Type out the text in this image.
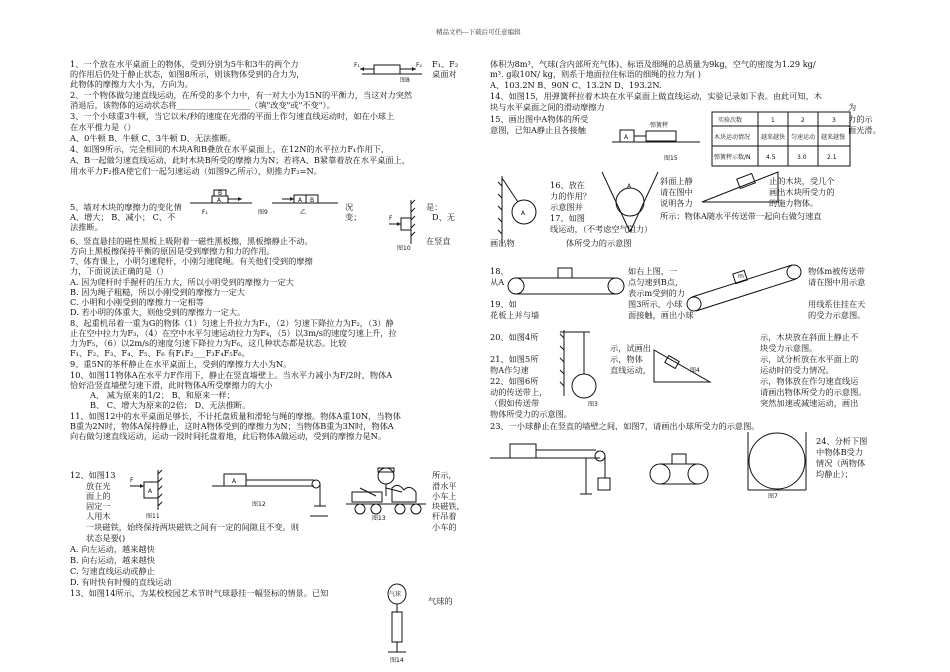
精品文档---下载后可任意编辑
1、一个放在水平桌面上的物体，受到分别为5牛和3牛的两个力
的作用后仍处于静止状态，如图8所示，则该物体受到的合力为，
此物体的摩擦力大小为，方向为。
F₁、F₂
桌面对
F₁	F₂
图8
2、一个物体做匀速直线运动，在所受的多个力中，有一对大小为15N的平衡力，当这对力突然
消退后，该物体的运动状态将__________________（填"改变"或"不变"）。
3、一个小球重3牛顿，当它以米/秒的速度在光滑的平面上作匀速直线运动时，如在小球上
在水平推力是（）
A、0牛顿 B、牛顿 C、3牛顿 D、无法推断。
4、如图9所示，完全相同的木块A和B叠放在水平桌面上，在12N的水平拉力F₁作用下，
A、B一起做匀速直线运动，此时木块B所受的摩擦力为N；若将A、B紧靠着放在水平桌面上，
用水平力F₂推A使它们一起匀速运动（如图9乙所示），则推力F₂=N。
B
A
F₁	图9
A B
乙
5、墙对木块的摩擦力的变化情
A、增大； B、减小； C、不
法推断。
况
变；
是：
D、无
F
图10
6、竖直悬挂的磁性黑板上吸附着一磁性黑板擦，黑板擦静止不动。	在竖直
方向上黑板擦保持平衡的原因是受到摩擦力和力的作用。
7、体育课上，小明匀速爬杆，小刚匀速爬绳。有关他们受到的摩擦
力，下面说法正确的是（）
A. 因为爬杆时手握杆的压力大，所以小明受到的摩擦力一定大
B. 因为绳子粗糙，所以小刚受到的摩擦力一定大
C. 小明和小刚受到的摩擦力一定相等
D. 若小明的体重大，则他受到的摩擦力一定大。
8、起重机吊着一重为G的物体（1）匀速上升拉力为F₁，（2）匀速下降拉力为F₂，（3）静
止在空中拉力为F₃，（4）在空中水平匀速运动拉力为F₄，（5）以3m/s的速度匀速上升，拉
力为F₅，（6）以2m/s的速度匀速下降拉力为F₆，这几种状态都是状态。比较
F₁、F₂、F₃、F₄、F₅、F₆ 有F₁F₂___F₃F₄F₅F₆。
9、重5N的茶杯静止在水平桌面上，受到的摩擦力大小为N。
10、如图11物体A在水平力F作用下，静止在竖直墙壁上。当水平力减小为F/2时，物体A
恰好沿竖直墙壁匀速下滑，此时物体A所受摩擦力的大小
A、 减为原来的1/2； B、和原来一样；
B、 C、增大为原来的2倍； D、无法推断。
11、如图12中的水平桌面足够长，不计托盘质量和滑轮与绳的摩擦。物体A重10N，当物体
B重为2N时，物体A保持静止，这时A物体受到的摩擦力为N；当物体B重为3N时，物体A
向右做匀速直线运动，运动一段时间托盘着地，此后物体A做运动，受到的摩擦力是N。
12、如图13
放在光
面上的
固定一
人用木
所示，
滑水平
小车上
块磁铁,
杆吊着
小车的
一块磁铁，始终保持两块磁铁之间有一定的间隙且不变。则
状态是要()
A. 向左运动，越来越快
B. 向右运动，越来越快
C. 匀速直线运动或静止
D. 有时快有时慢的直线运动
13、如图14所示，为某校校园艺术节时气球悬挂一幅竖标的情景。已知
气球的
A
F
图11
A
图12
图13
气球
图14
体积为8m³，气球(含内部所充气体)、标语及细绳的总质量为9kg，空气的密度为1.29 kg/
m³. g取10N/ kg，则系于地面拉住标语的细绳的拉力为( )
A、103.2N B、90N C、13.2N D、193.2N.
14、如图15，用弹簧秤拉着木块在水平桌面上做直线运动，实验记录如下表。由此可知，木
块与水平桌面之间的滑动摩擦力	为
力的示
面光滑。
15、画出图中A物体的所受
意图，已知A静止且各接触
A
弹簧秤
图15
实验次数	1	2	3
木块运动情况 越来越快 匀速运动 越来越慢
弹簧秤示数/N	4.5	3.0	2.1
A
16、放在
力的作用？
示意图并
17、如图
线运动，（不考虑空气阻力）
画出物	体所受力的示意图
A
斜面上静
请在图中
说明各力
止的木块，受几个
画出木块所受力的
的施力物体。
所示：物体A随水平传送带一起向右做匀速直
18、
从A
19、如
花板上并与墙
如右上图，一
点匀速到B点，
表示m受到的力
图3所示，小球
面接触，画出小球
物体m被传送带
请在图中用示意
用线系住挂在天
的受力示意图。
m
20、如图4所
21、如图5所
物A作匀速
22、如图6所
动的传送带上，
（假如传送带
物体所受力的示意图。
示，木块放在斜面上静止不
块受力示意图。
示，试分析放在水平面上的
运动时的受力情况。
示，物体放在作匀速直线运
请画出物体所受力的示意图。
突然加速或减速运动，画出
图3
图4
示，试画出
示，物体
直线运动，
23、一小球静止在竖直的墙壁之间，如图7，请画出小球所受力的示意图。
图7
24、分析下图
中物体B受力
情况（两物体
均静止）；
